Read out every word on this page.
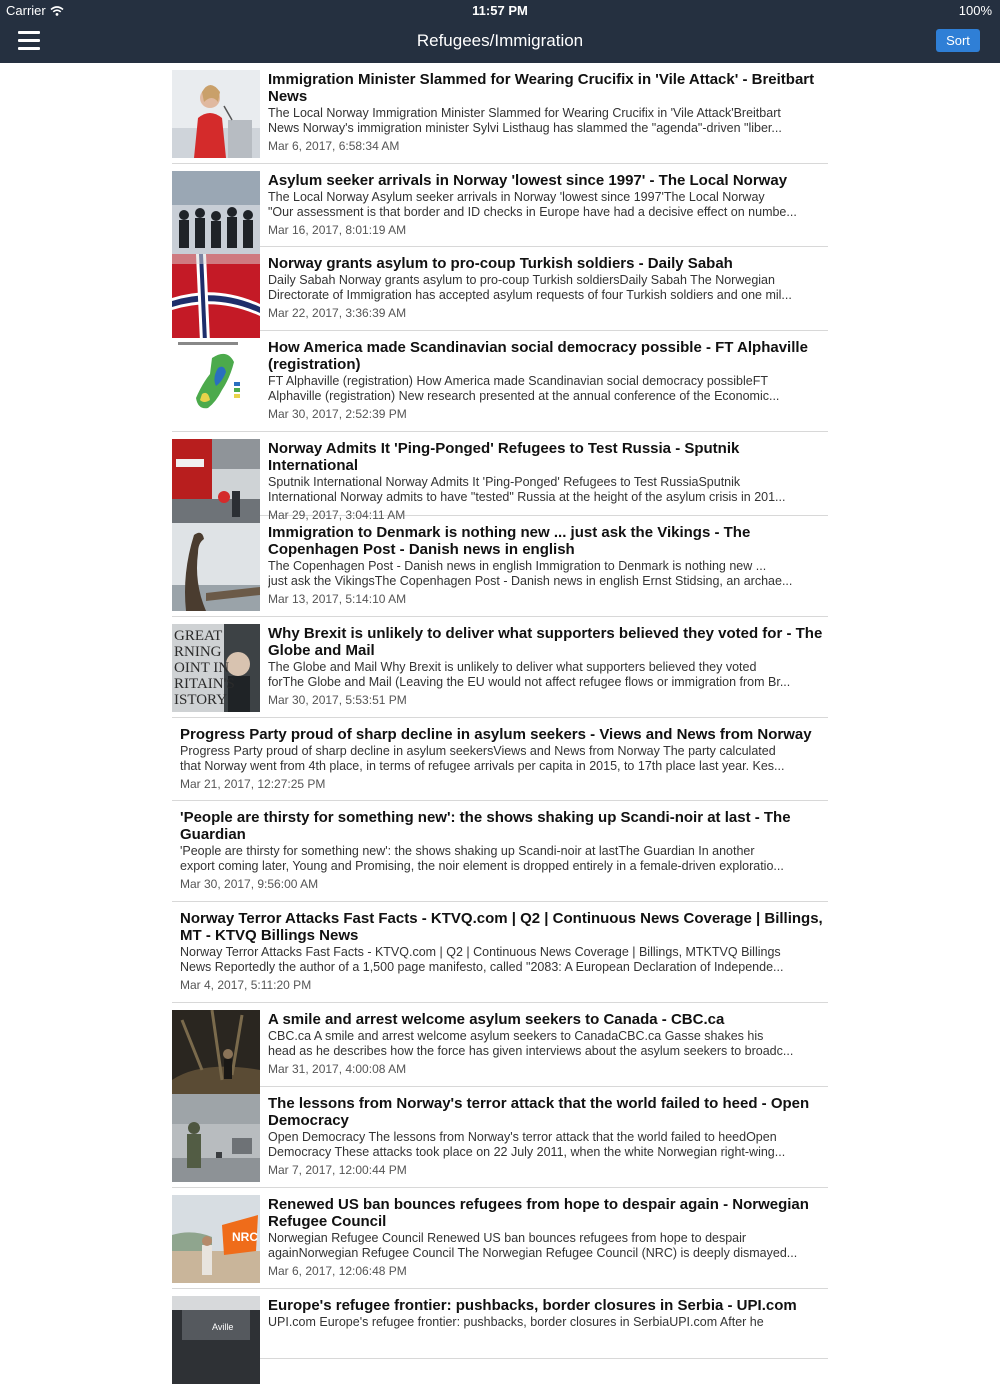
Carrier	11:57 PM	100%
Refugees/Immigration	Sort
Immigration Minister Slammed for Wearing Crucifix in 'Vile Attack' - Breitbart
News
The Local Norway Immigration Minister Slammed for Wearing Crucifix in 'Vile Attack'Breitbart
News Norway's immigration minister Sylvi Listhaug has slammed the "agenda"-driven "liber...
Mar 6, 2017, 6:58:34 AM
Asylum seeker arrivals in Norway 'lowest since 1997' - The Local Norway
The Local Norway Asylum seeker arrivals in Norway 'lowest since 1997'The Local Norway
"Our assessment is that border and ID checks in Europe have had a decisive effect on numbe...
Mar 16, 2017, 8:01:19 AM
Norway grants asylum to pro-coup Turkish soldiers - Daily Sabah
Daily Sabah Norway grants asylum to pro-coup Turkish soldiersDaily Sabah The Norwegian
Directorate of Immigration has accepted asylum requests of four Turkish soldiers and one mil...
Mar 22, 2017, 3:36:39 AM
How America made Scandinavian social democracy possible - FT Alphaville
(registration)
FT Alphaville (registration) How America made Scandinavian social democracy possibleFT
Alphaville (registration) New research presented at the annual conference of the Economic...
Mar 30, 2017, 2:52:39 PM
Norway Admits It 'Ping-Ponged' Refugees to Test Russia - Sputnik International
Sputnik International Norway Admits It 'Ping-Ponged' Refugees to Test RussiaSputnik
International Norway admits to have "tested" Russia at the height of the asylum crisis in 201...
Mar 29, 2017, 3:04:11 AM
Immigration to Denmark is nothing new ... just ask the Vikings - The
Copenhagen Post - Danish news in english
The Copenhagen Post - Danish news in english Immigration to Denmark is nothing new ...
just ask the VikingsThe Copenhagen Post - Danish news in english Ernst Stidsing, an archae...
Mar 13, 2017, 5:14:10 AM
GREAT
RNING
OINT IN
RITAIN'S
ISTORY
Why Brexit is unlikely to deliver what supporters believed they voted for - The
Globe and Mail
The Globe and Mail Why Brexit is unlikely to deliver what supporters believed they voted
forThe Globe and Mail (Leaving the EU would not affect refugee flows or immigration from Br...
Mar 30, 2017, 5:53:51 PM
Progress Party proud of sharp decline in asylum seekers - Views and News from Norway
Progress Party proud of sharp decline in asylum seekersViews and News from Norway The party calculated
that Norway went from 4th place, in terms of refugee arrivals per capita in 2015, to 17th place last year. Kes...
Mar 21, 2017, 12:27:25 PM
'People are thirsty for something new': the shows shaking up Scandi-noir at last - The
Guardian
'People are thirsty for something new': the shows shaking up Scandi-noir at lastThe Guardian In another
export coming later, Young and Promising, the noir element is dropped entirely in a female-driven exploratio...
Mar 30, 2017, 9:56:00 AM
Norway Terror Attacks Fast Facts - KTVQ.com | Q2 | Continuous News Coverage | Billings,
MT - KTVQ Billings News
Norway Terror Attacks Fast Facts - KTVQ.com | Q2 | Continuous News Coverage | Billings, MTKTVQ Billings
News Reportedly the author of a 1,500 page manifesto, called "2083: A European Declaration of Independe...
Mar 4, 2017, 5:11:20 PM
A smile and arrest welcome asylum seekers to Canada - CBC.ca
CBC.ca A smile and arrest welcome asylum seekers to CanadaCBC.ca Gasse shakes his
head as he describes how the force has given interviews about the asylum seekers to broadc...
Mar 31, 2017, 4:00:08 AM
The lessons from Norway's terror attack that the world failed to heed - Open
Democracy
Open Democracy The lessons from Norway's terror attack that the world failed to heedOpen
Democracy These attacks took place on 22 July 2011, when the white Norwegian right-wing...
Mar 7, 2017, 12:00:44 PM
NRC
Renewed US ban bounces refugees from hope to despair again - Norwegian
Refugee Council
Norwegian Refugee Council Renewed US ban bounces refugees from hope to despair
againNorwegian Refugee Council The Norwegian Refugee Council (NRC) is deeply dismayed...
Mar 6, 2017, 12:06:48 PM
Aville
Europe's refugee frontier: pushbacks, border closures in Serbia - UPI.com
UPI.com Europe's refugee frontier: pushbacks, border closures in SerbiaUPI.com After he
